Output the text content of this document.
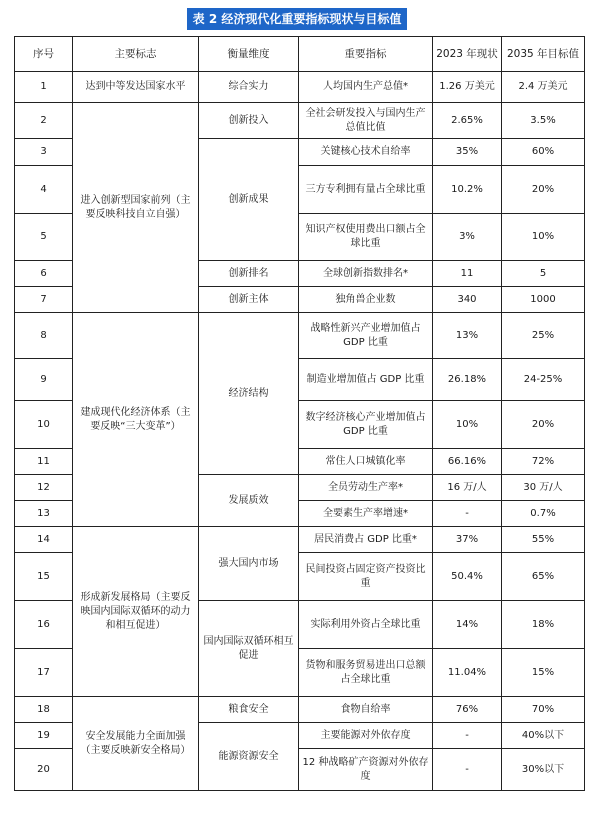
表 2 经济现代化重要指标现状与目标值
序号	主要标志	衡量维度	重要指标	2023 年现状	2035 年目标值
1	达到中等发达国家水平	综合实力	人均国内生产总值*	1.26 万美元	2.4 万美元
2	进入创新型国家前列（主要反映科技自立自强）	创新投入	全社会研发投入与国内生产总值比值	2.65%	3.5%
3		创新成果	关键核心技术自给率	35%	60%
4			三方专利拥有量占全球比重	10.2%	20%
5			知识产权使用费出口额占全球比重	3%	10%
6		创新排名	全球创新指数排名*	11	5
7		创新主体	独角兽企业数	340	1000
8	建成现代化经济体系（主要反映“三大变革”）	经济结构	战略性新兴产业增加值占 GDP 比重	13%	25%
9			制造业增加值占 GDP 比重	26.18%	24-25%
10			数字经济核心产业增加值占 GDP 比重	10%	20%
11			常住人口城镇化率	66.16%	72%
12		发展质效	全员劳动生产率*	16 万/人	30 万/人
13			全要素生产率增速*	-	0.7%
14	形成新发展格局（主要反映国内国际双循环的动力和相互促进）	强大国内市场	居民消费占 GDP 比重*	37%	55%
15			民间投资占固定资产投资比重	50.4%	65%
16		国内国际双循环相互促进	实际利用外资占全球比重	14%	18%
17			货物和服务贸易进出口总额占全球比重	11.04%	15%
18	安全发展能力全面加强（主要反映新安全格局）	粮食安全	食物自给率	76%	70%
19		能源资源安全	主要能源对外依存度	-	40%以下
20			12 种战略矿产资源对外依存度	-	30%以下
